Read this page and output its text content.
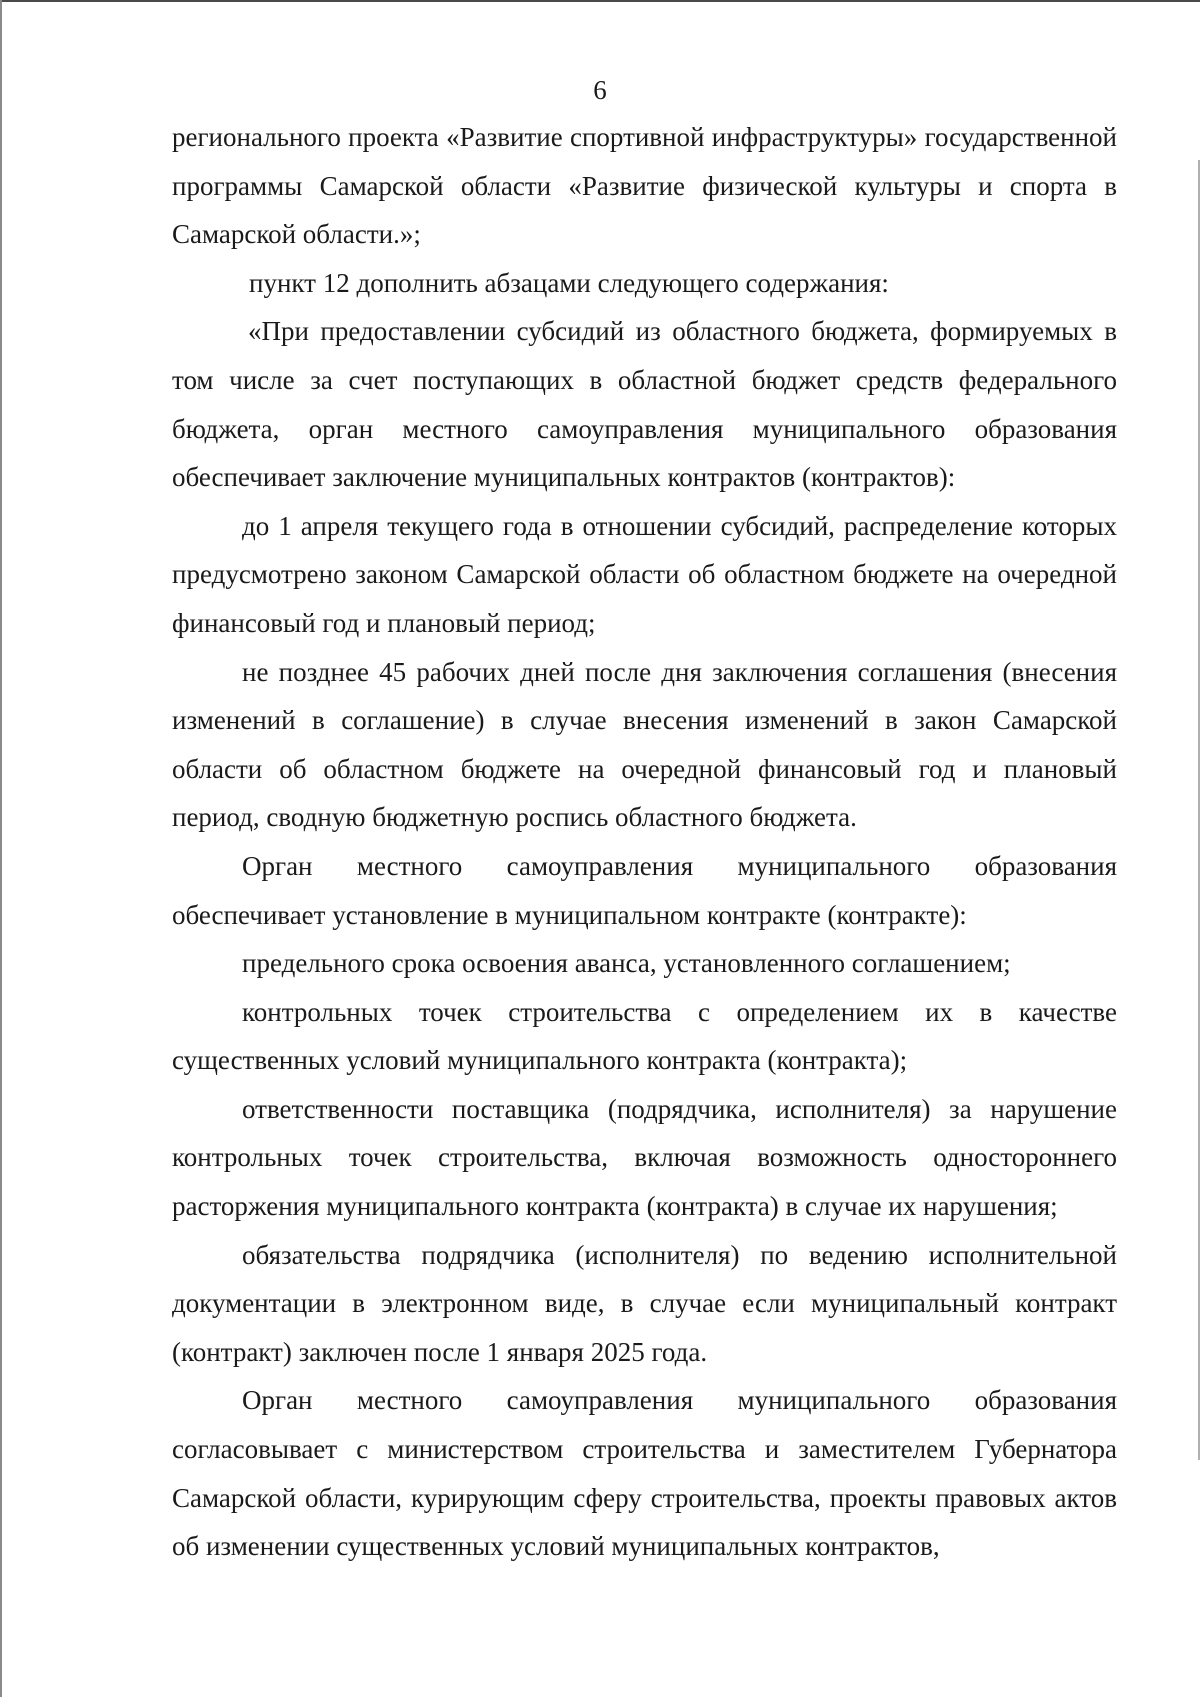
6

регионального проекта «Развитие спортивной инфраструктуры» государственной программы Самарской области «Развитие физической культуры и спорта в Самарской области.»;

пункт 12 дополнить абзацами следующего содержания:

«При предоставлении субсидий из областного бюджета, формируемых в том числе за счет поступающих в областной бюджет средств федерального бюджета, орган местного самоуправления муниципального образования обеспечивает заключение муниципальных контрактов (контрактов):

до 1 апреля текущего года в отношении субсидий, распределение которых предусмотрено законом Самарской области об областном бюджете на очередной финансовый год и плановый период;

не позднее 45 рабочих дней после дня заключения соглашения (внесения изменений в соглашение) в случае внесения изменений в закон Самарской области об областном бюджете на очередной финансовый год и плановый период, сводную бюджетную роспись областного бюджета.

Орган местного самоуправления муниципального образования обеспечивает установление в муниципальном контракте (контракте):

предельного срока освоения аванса, установленного соглашением;

контрольных точек строительства с определением их в качестве существенных условий муниципального контракта (контракта);

ответственности поставщика (подрядчика, исполнителя) за нарушение контрольных точек строительства, включая возможность одностороннего расторжения муниципального контракта (контракта) в случае их нарушения;

обязательства подрядчика (исполнителя) по ведению исполнительной документации в электронном виде, в случае если муниципальный контракт (контракт) заключен после 1 января 2025 года.

Орган местного самоуправления муниципального образования согласовывает с министерством строительства и заместителем Губернатора Самарской области, курирующим сферу строительства, проекты правовых актов об изменении существенных условий муниципальных контрактов,
